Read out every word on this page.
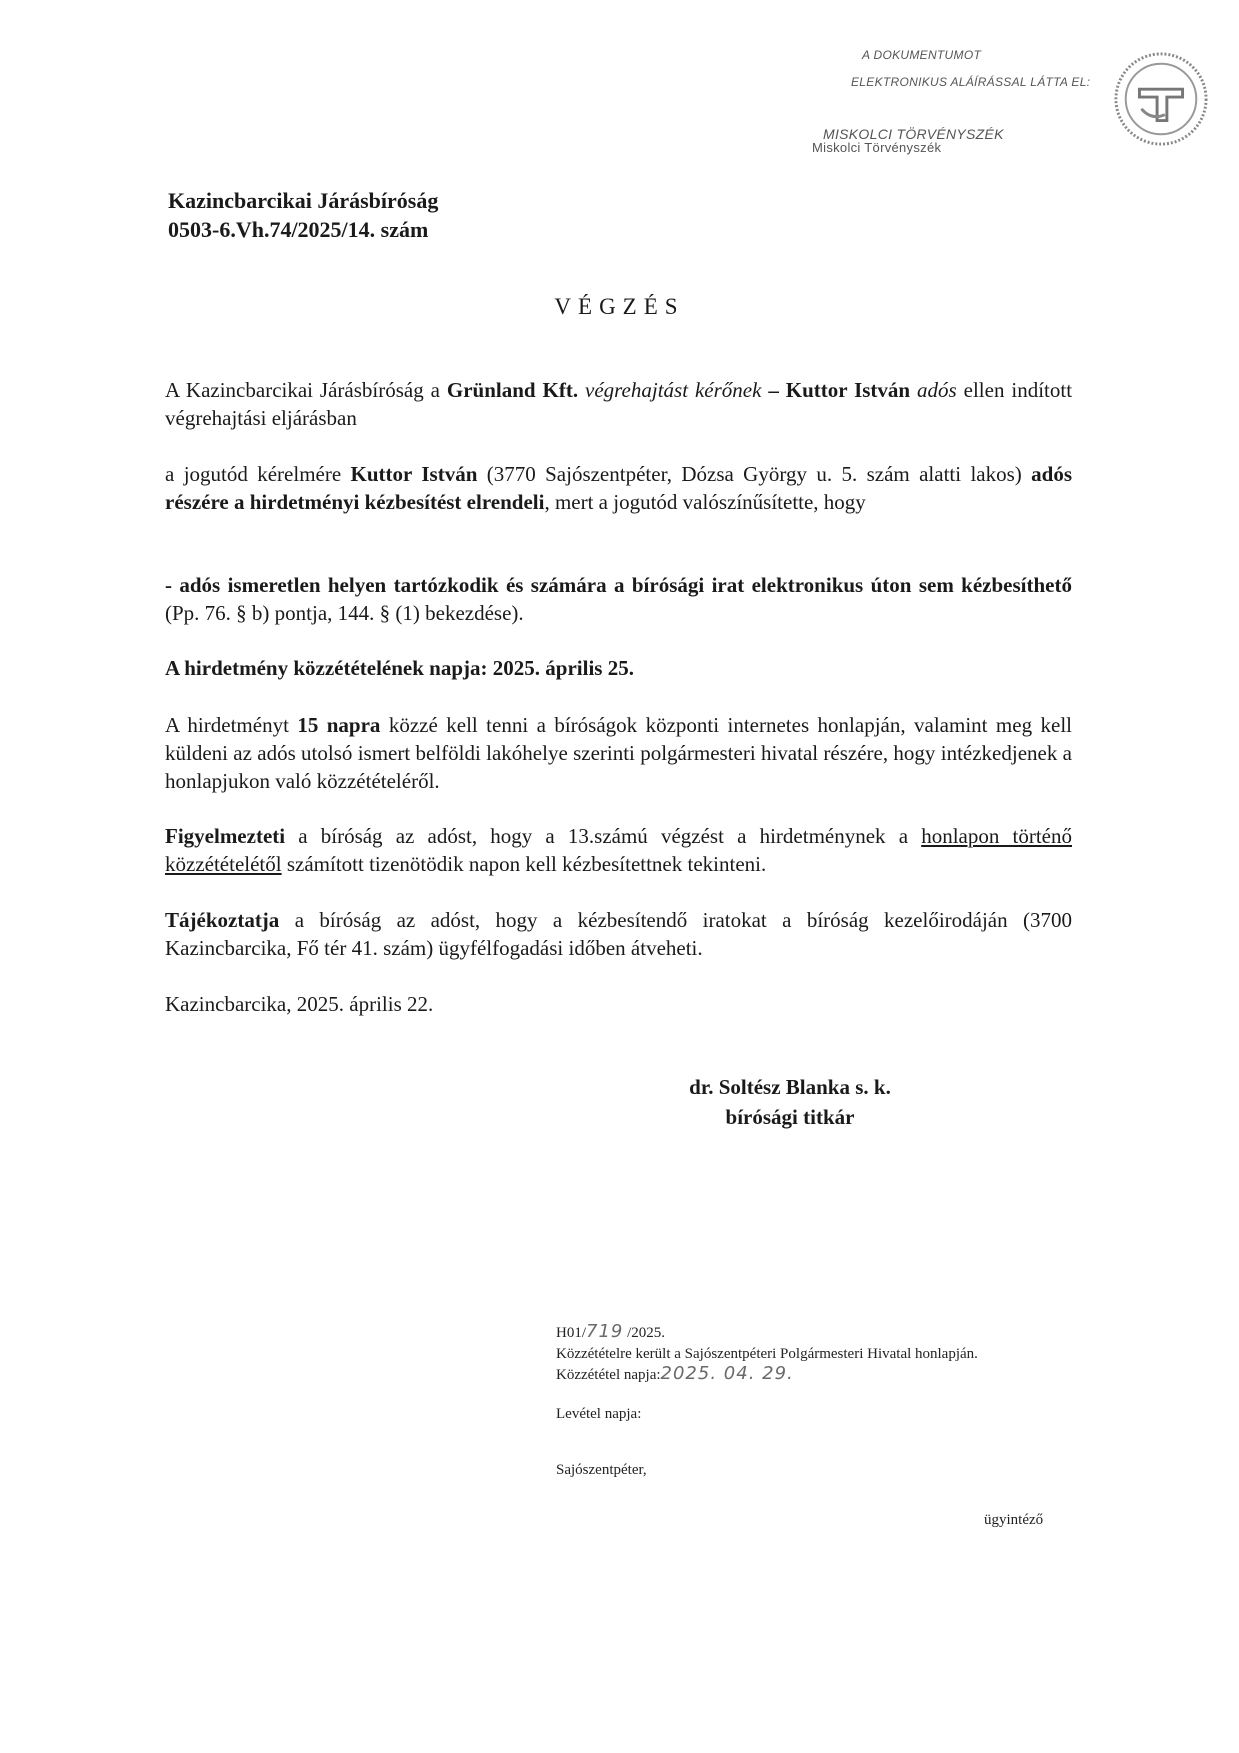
A DOKUMENTUMOT
ELEKTRONIKUS ALÁÍRÁSSAL LÁTTA EL:
MISKOLCI TÖRVÉNYSZÉK
Miskolci Törvényszék
Kazincbarcikai Járásbíróság
0503-6.Vh.74/2025/14. szám
VÉGZÉS

A Kazincbarcikai Járásbíróság a Grünland Kft. végrehajtást kérőnek – Kuttor István adós ellen indított végrehajtási eljárásban

a jogutód kérelmére Kuttor István (3770 Sajószentpéter, Dózsa György u. 5. szám alatti lakos) adós részére a hirdetményi kézbesítést elrendeli, mert a jogutód valószínűsítette, hogy

- adós ismeretlen helyen tartózkodik és számára a bírósági irat elektronikus úton sem kézbesíthető (Pp. 76. § b) pontja, 144. § (1) bekezdése).

A hirdetmény közzétételének napja: 2025. április 25.

A hirdetményt 15 napra közzé kell tenni a bíróságok központi internetes honlapján, valamint meg kell küldeni az adós utolsó ismert belföldi lakóhelye szerinti polgármesteri hivatal részére, hogy intézkedjenek a honlapjukon való közzétételéről.

Figyelmezteti a bíróság az adóst, hogy a 13.számú végzést a hirdetménynek a honlapon történő közzétételétől számított tizenötödik napon kell kézbesítettnek tekinteni.

Tájékoztatja a bíróság az adóst, hogy a kézbesítendő iratokat a bíróság kezelőirodáján (3700 Kazincbarcika, Fő tér 41. szám) ügyfélfogadási időben átveheti.

Kazincbarcika, 2025. április 22.

dr. Soltész Blanka s. k.
bírósági titkár
H01/719 /2025.
Közzétételre került a Sajószentpéteri Polgármesteri Hivatal honlapján.
Közzététel napja:2025. 04. 29.
Levétel napja:
Sajószentpéter,
ügyintéző
